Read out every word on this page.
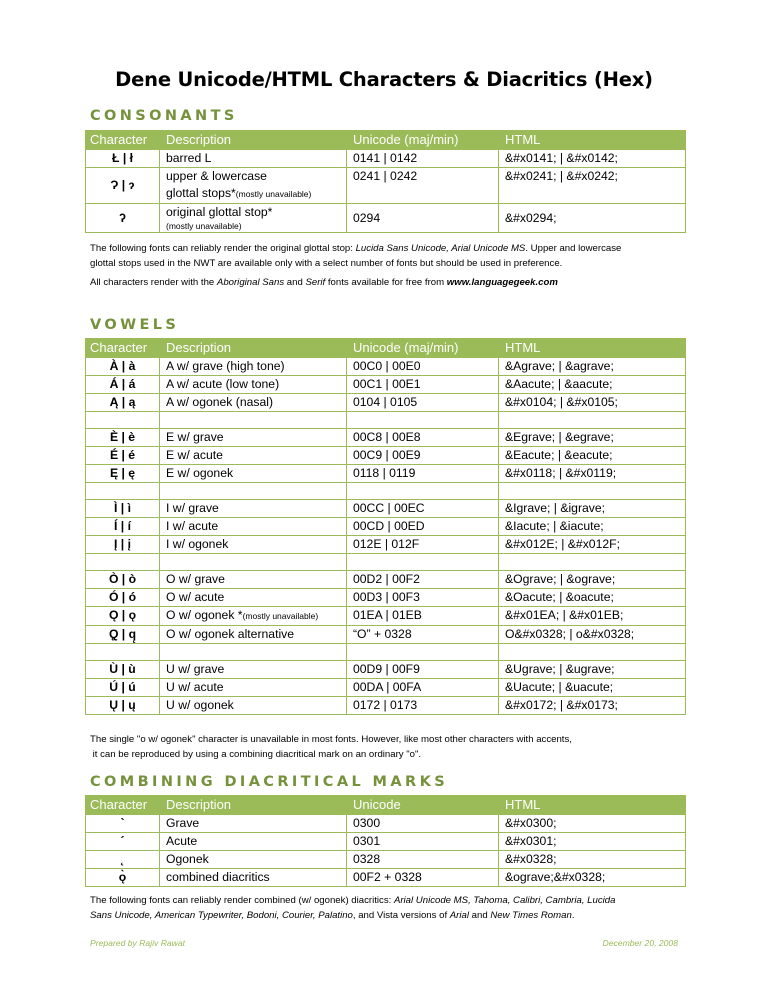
Dene Unicode/HTML Characters & Diacritics (Hex)
CONSONANTS
Character	Description	Unicode (maj/min)	HTML
Ł | ł	barred L	0141 | 0142	&#x0141; | &#x0142;
Ɂ | ɂ	upper & lowercase
glottal stops*(mostly unavailable)	0241 | 0242	&#x0241; | &#x0242;
ʔ	original glottal stop*
(mostly unavailable)	0294	&#x0294;
The following fonts can reliably render the original glottal stop: Lucida Sans Unicode, Arial Unicode MS. Upper and lowercase
glottal stops used in the NWT are available only with a select number of fonts but should be used in preference.
All characters render with the Aboriginal Sans and Serif fonts available for free from www.languagegeek.com
VOWELS
Character	Description	Unicode (maj/min)	HTML
À | à	A w/ grave (high tone)	00C0 | 00E0	&Agrave; | &agrave;
Á | á	A w/ acute (low tone)	00C1 | 00E1	&Aacute; | &aacute;
Ą | ą	A w/ ogonek (nasal)	0104 | 0105	&#x0104; | &#x0105;

È | è	E w/ grave	00C8 | 00E8	&Egrave; | &egrave;
É | é	E w/ acute	00C9 | 00E9	&Eacute; | &eacute;
Ę | ę	E w/ ogonek	0118 | 0119	&#x0118; | &#x0119;

Ì | ì	I w/ grave	00CC | 00EC	&Igrave; | &igrave;
Í | í	I w/ acute	00CD | 00ED	&Iacute; | &iacute;
Į | į	I w/ ogonek	012E | 012F	&#x012E; | &#x012F;

Ò | ò	O w/ grave	00D2 | 00F2	&Ograve; | &ograve;
Ó | ó	O w/ acute	00D3 | 00F3	&Oacute; | &oacute;
Ǫ | ǫ	O w/ ogonek *(mostly unavailable)	01EA | 01EB	&#x01EA; | &#x01EB;
Q̨ | q̨	O w/ ogonek alternative	“O” + 0328	O&#x0328; | o&#x0328;

Ù | ù	U w/ grave	00D9 | 00F9	&Ugrave; | &ugrave;
Ú | ú	U w/ acute	00DA | 00FA	&Uacute; | &uacute;
Ų | ų	U w/ ogonek	0172 | 0173	&#x0172; | &#x0173;
The single "o w/ ogonek" character is unavailable in most fonts. However, like most other characters with accents,
it can be reproduced by using a combining diacritical mark on an ordinary "o".
COMBINING DIACRITICAL MARKS
Character	Description	Unicode	HTML
`	Grave	0300	&#x0300;
´	Acute	0301	&#x0301;
˛	Ogonek	0328	&#x0328;
ǫ̀	combined diacritics	00F2 + 0328	&ograve;&#x0328;
The following fonts can reliably render combined (w/ ogonek) diacritics: Arial Unicode MS, Tahoma, Calibri, Cambria, Lucida
Sans Unicode, American Typewriter, Bodoni, Courier, Palatino, and Vista versions of Arial and New Times Roman.
Prepared by Rajiv Rawat	December 20, 2008
